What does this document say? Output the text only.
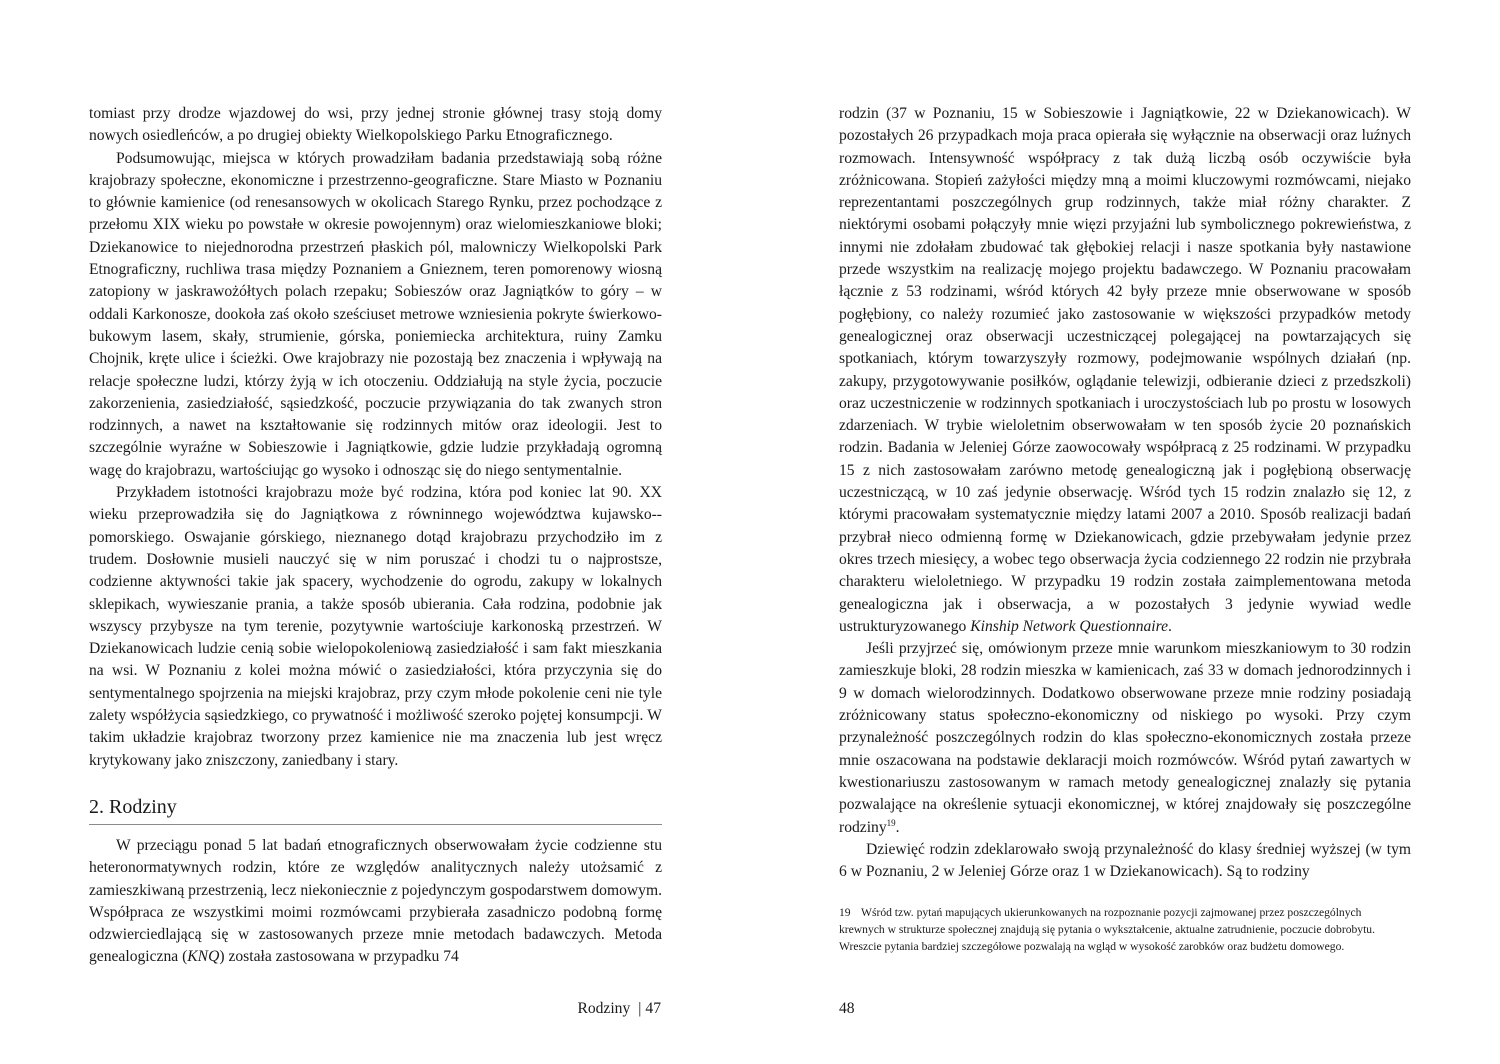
tomiast przy drodze wjazdowej do wsi, przy jednej stronie głównej trasy stoją domy nowych osiedleńców, a po drugiej obiekty Wielkopolskiego Parku Etnograficznego.

Podsumowując, miejsca w których prowadziłam badania przedstawiają sobą różne krajobrazy społeczne, ekonomiczne i przestrzenno-geograficzne. Stare Miasto w Poznaniu to głównie kamienice (od renesansowych w okolicach Starego Rynku, przez pochodzące z przełomu XIX wieku po powstałe w okresie powojennym) oraz wielomieszkaniowe bloki; Dziekanowice to niejednorodna przestrzeń płaskich pól, malowniczy Wielkopolski Park Etnograficzny, ruchliwa trasa między Poznaniem a Gnieznem, teren pomorenowy wiosną zatopiony w jaskrawożółtych polach rzepaku; Sobieszów oraz Jagniątków to góry – w oddali Karkonosze, dookoła zaś około sześciuset metrowe wzniesienia pokryte świerkowo-bukowym lasem, skały, strumienie, górska, poniemiecka architektura, ruiny Zamku Chojnik, kręte ulice i ścieżki. Owe krajobrazy nie pozostają bez znaczenia i wpływają na relacje społeczne ludzi, którzy żyją w ich otoczeniu. Oddziałują na style życia, poczucie zakorzenienia, zasiedziałość, sąsiedzkość, poczucie przywiązania do tak zwanych stron rodzinnych, a nawet na kształtowanie się rodzinnych mitów oraz ideologii. Jest to szczególnie wyraźne w Sobieszowie i Jagniątkowie, gdzie ludzie przykładają ogromną wagę do krajobrazu, wartościując go wysoko i odnosząc się do niego sentymentalnie.

Przykładem istotności krajobrazu może być rodzina, która pod koniec lat 90. XX wieku przeprowadziła się do Jagniątkowa z równinnego województwa kujawsko-​-pomorskiego. Oswajanie górskiego, nieznanego dotąd krajobrazu przychodziło im z trudem. Dosłownie musieli nauczyć się w nim poruszać i chodzi tu o najprostsze, codzienne aktywności takie jak spacery, wychodzenie do ogrodu, zakupy w lokalnych sklepikach, wywieszanie prania, a także sposób ubierania. Cała rodzina, podobnie jak wszyscy przybysze na tym terenie, pozytywnie wartościuje karkonoską przestrzeń. W Dziekanowicach ludzie cenią sobie wielopokoleniową zasiedziałość i sam fakt mieszkania na wsi. W Poznaniu z kolei można mówić o zasiedziałości, która przyczynia się do sentymentalnego spojrzenia na miejski krajobraz, przy czym młode pokolenie ceni nie tyle zalety współżycia sąsiedzkiego, co prywatność i możliwość szeroko pojętej konsumpcji. W takim układzie krajobraz tworzony przez kamienice nie ma znaczenia lub jest wręcz krytykowany jako zniszczony, zaniedbany i stary.

2. Rodziny

W przeciągu ponad 5 lat badań etnograficznych obserwowałam życie codzienne stu heteronormatywnych rodzin, które ze względów analitycznych należy utożsamić z zamieszkiwaną przestrzenią, lecz niekoniecznie z pojedynczym gospodarstwem domowym. Współpraca ze wszystkimi moimi rozmówcami przybierała zasadniczo podobną formę odzwierciedlającą się w zastosowanych przeze mnie metodach badawczych. Metoda genealogiczna (KNQ) została zastosowana w przypadku 74

Rodziny | 47

rodzin (37 w Poznaniu, 15 w Sobieszowie i Jagniątkowie, 22 w Dziekanowicach). W pozostałych 26 przypadkach moja praca opierała się wyłącznie na obserwacji oraz luźnych rozmowach. Intensywność współpracy z tak dużą liczbą osób oczywiście była zróżnicowana. Stopień zażyłości między mną a moimi kluczowymi rozmówcami, niejako reprezentantami poszczególnych grup rodzinnych, także miał różny charakter. Z niektórymi osobami połączyły mnie więzi przyjaźni lub symbolicznego pokrewieństwa, z innymi nie zdołałam zbudować tak głębokiej relacji i nasze spotkania były nastawione przede wszystkim na realizację mojego projektu badawczego. W Poznaniu pracowałam łącznie z 53 rodzinami, wśród których 42 były przeze mnie obserwowane w sposób pogłębiony, co należy rozumieć jako zastosowanie w większości przypadków metody genealogicznej oraz obserwacji uczestniczącej polegającej na powtarzających się spotkaniach, którym towarzyszyły rozmowy, podejmowanie wspólnych działań (np. zakupy, przygotowywanie posiłków, oglądanie telewizji, odbieranie dzieci z przedszkoli) oraz uczestniczenie w rodzinnych spotkaniach i uroczystościach lub po prostu w losowych zdarzeniach. W trybie wieloletnim obserwowałam w ten sposób życie 20 poznańskich rodzin. Badania w Jeleniej Górze zaowocowały współpracą z 25 rodzinami. W przypadku 15 z nich zastosowałam zarówno metodę genealogiczną jak i pogłębioną obserwację uczestniczącą, w 10 zaś jedynie obserwację. Wśród tych 15 rodzin znalazło się 12, z którymi pracowałam systematycznie między latami 2007 a 2010. Sposób realizacji badań przybrał nieco odmienną formę w Dziekanowicach, gdzie przebywałam jedynie przez okres trzech miesięcy, a wobec tego obserwacja życia codziennego 22 rodzin nie przybrała charakteru wieloletniego. W przypadku 19 rodzin została zaimplementowana metoda genealogiczna jak i obserwacja, a w pozostałych 3 jedynie wywiad wedle ustrukturyzowanego Kinship Network Questionnaire.

Jeśli przyjrzeć się, omówionym przeze mnie warunkom mieszkaniowym to 30 rodzin zamieszkuje bloki, 28 rodzin mieszka w kamienicach, zaś 33 w domach jednorodzinnych i 9 w domach wielorodzinnych. Dodatkowo obserwowane przeze mnie rodziny posiadają zróżnicowany status społeczno-ekonomiczny od niskiego po wysoki. Przy czym przynależność poszczególnych rodzin do klas społeczno-ekonomicznych została przeze mnie oszacowana na podstawie deklaracji moich rozmówców. Wśród pytań zawartych w kwestionariuszu zastosowanym w ramach metody genealogicznej znalazły się pytania pozwalające na określenie sytuacji ekonomicznej, w której znajdowały się poszczególne rodziny$^{19}$.

Dziewięć rodzin zdeklarowało swoją przynależność do klasy średniej wyższej (w tym 6 w Poznaniu, 2 w Jeleniej Górze oraz 1 w Dziekanowicach). Są to rodziny

19 Wśród tzw. pytań mapujących ukierunkowanych na rozpoznanie pozycji zajmowanej przez poszczególnych krewnych w strukturze społecznej znajdują się pytania o wykształcenie, aktualne zatrudnienie, poczucie dobrobytu. Wreszcie pytania bardziej szczegółowe pozwalają na wgląd w wysokość zarobków oraz budżetu domowego.
48
